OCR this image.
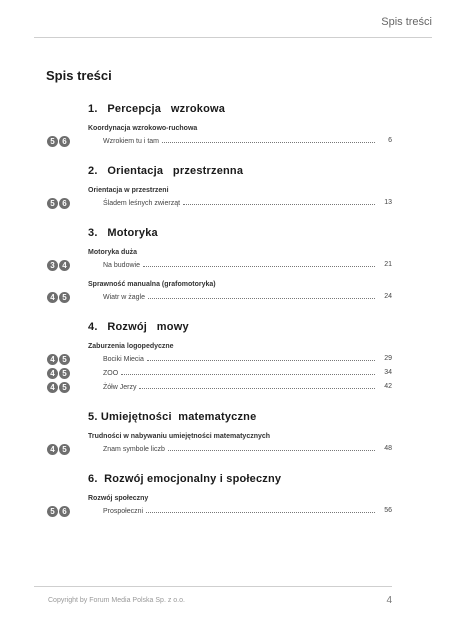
Spis treści
Spis treści
1.   Percepcja   wzrokowa
Koordynacja wzrokowo-ruchowa
5 6	Wzrokiem tu i tam	6
2.   Orientacja   przestrzenna
Orientacja w przestrzeni
5 6	Śladem leśnych zwierząt	13
3.   Motoryka
Motoryka duża
3 4	Na budowie	21
Sprawność manualna (grafomotoryka)
4 5	Wiatr w żagle	24
4.   Rozwój   mowy
Zaburzenia logopedyczne
4 5	Bociki Miecia	29
4 5	ZOO	34
4 5	Żółw Jerzy	42
5. Umiejętności  matematyczne
Trudności w nabywaniu umiejętności matematycznych
4 5	Znam symbole liczb	48
6.  Rozwój emocjonalny i społeczny
Rozwój społeczny
5 6	Prospołeczni	56
Copyright by Forum Media Polska Sp. z o.o.	4
